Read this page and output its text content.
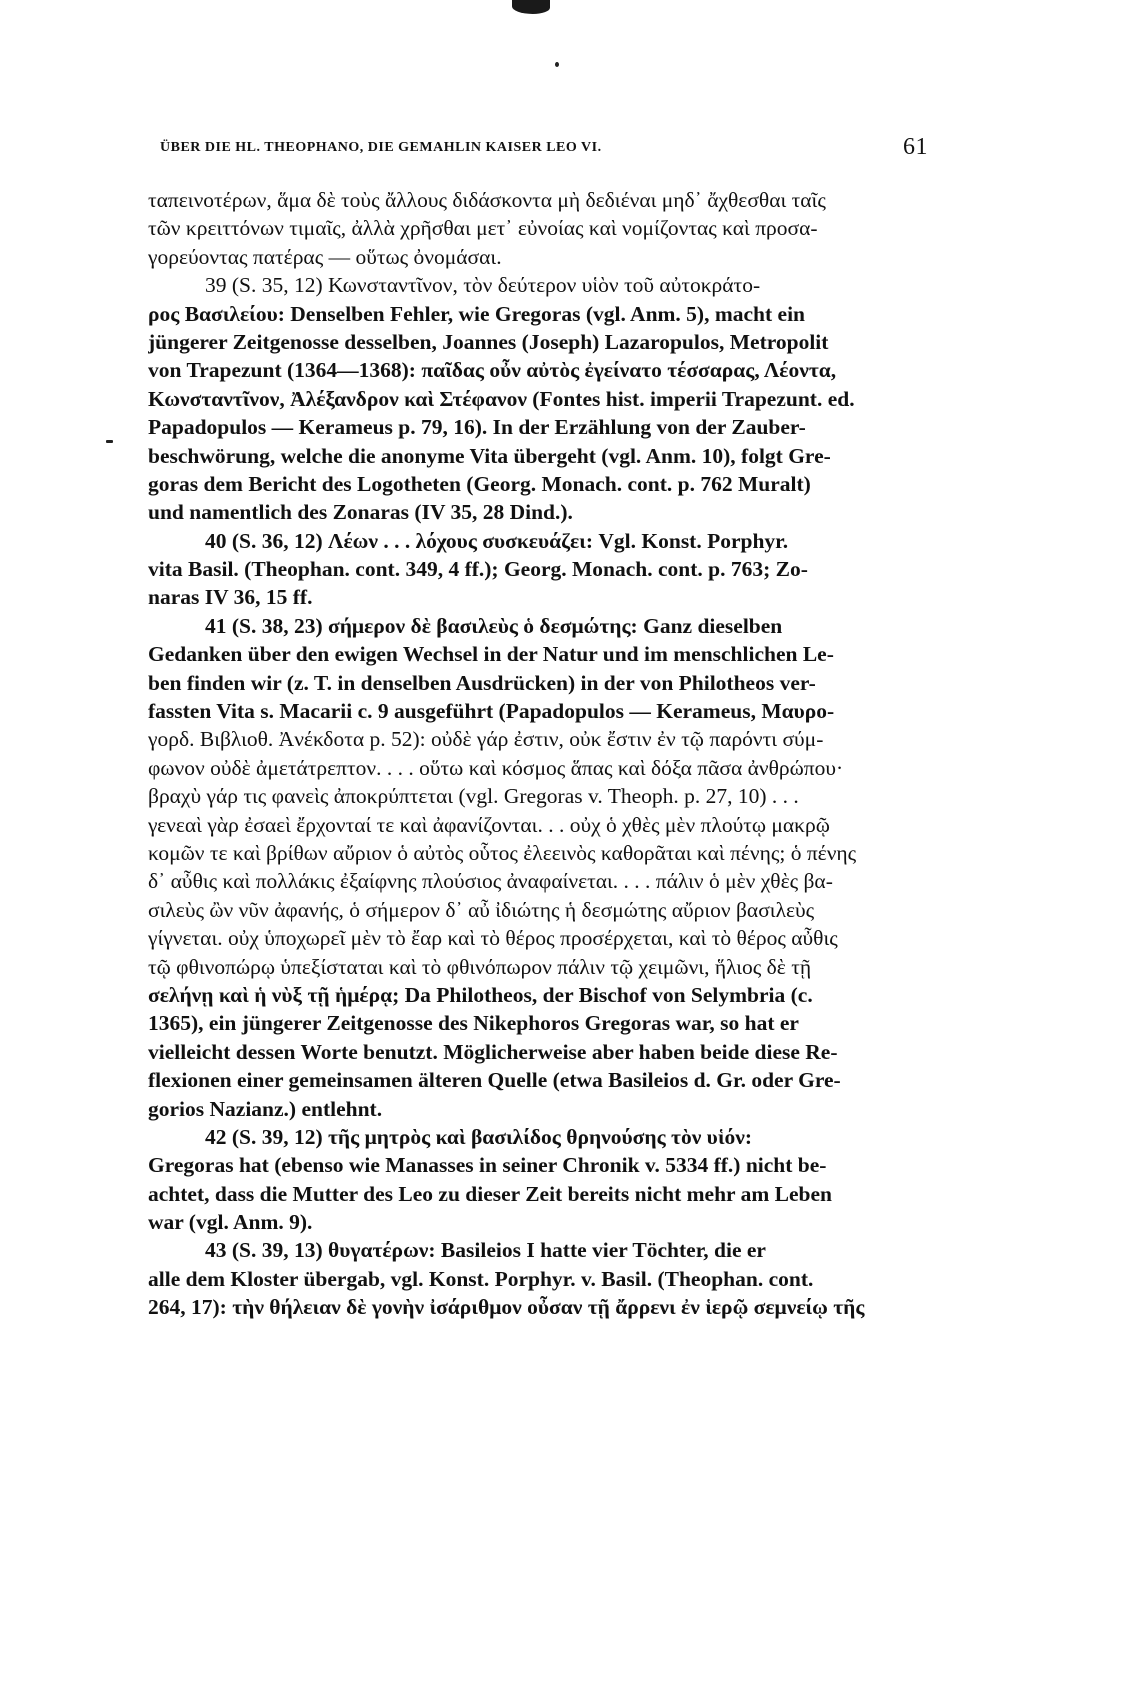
ÜBER DIE HL. THEOPHANO, DIE GEMAHLIN KAISER LEO VI.	61
ταπεινοτέρων, ἅμα δὲ τοὺς ἄλλους διδάσκοντα μὴ δεδιέναι μηδ᾿ ἄχθεσθαι ταῖς
τῶν κρειττόνων τιμαῖς, ἀλλὰ χρῆσθαι μετ᾿ εὐνοίας καὶ νομίζοντας καὶ προσα-
γορεύοντας πατέρας — οὕτως ὀνομάσαι.
39 (S. 35, 12) Κωνσταντῖνον, τὸν δεύτερον υἱὸν τοῦ αὐτοκράτο-
ρος Βασιλείου: Denselben Fehler, wie Gregoras (vgl. Anm. 5), macht ein
jüngerer Zeitgenosse desselben, Joannes (Joseph) Lazaropulos, Metropolit
von Trapezunt (1364—1368): παῖδας οὖν αὐτὸς ἐγείνατο τέσσαρας, Λέοντα,
Κωνσταντῖνον, Ἀλέξανδρον καὶ Στέφανον (Fontes hist. imperii Trapezunt. ed.
Papadopulos — Kerameus p. 79, 16). In der Erzählung von der Zauber-
beschwörung, welche die anonyme Vita übergeht (vgl. Anm. 10), folgt Gre-
goras dem Bericht des Logotheten (Georg. Monach. cont. p. 762 Muralt)
und namentlich des Zonaras (IV 35, 28 Dind.).
40 (S. 36, 12) Λέων . . . λόχους συσκευάζει: Vgl. Konst. Porphyr.
vita Basil. (Theophan. cont. 349, 4 ff.); Georg. Monach. cont. p. 763; Zo-
naras IV 36, 15 ff.
41 (S. 38, 23) σήμερον δὲ βασιλεὺς ὁ δεσμώτης: Ganz dieselben
Gedanken über den ewigen Wechsel in der Natur und im menschlichen Le-
ben finden wir (z. T. in denselben Ausdrücken) in der von Philotheos ver-
fassten Vita s. Macarii c. 9 ausgeführt (Papadopulos — Kerameus, Μαυρο-
γορδ. Βιβλιοθ. Ἀνέκδοτα p. 52): οὐδὲ γάρ ἐστιν, οὐκ ἔστιν ἐν τῷ παρόντι σύμ-
φωνον οὐδὲ ἀμετάτρεπτον. . . . οὕτω καὶ κόσμος ἅπας καὶ δόξα πᾶσα ἀνθρώπου·
βραχὺ γάρ τις φανεὶς ἀποκρύπτεται (vgl. Gregoras v. Theoph. p. 27, 10) . . .
γενεαὶ γὰρ ἐσαεὶ ἔρχονταί τε καὶ ἀφανίζονται. . . οὐχ ὁ χθὲς μὲν πλούτῳ μακρῷ
κομῶν τε καὶ βρίθων αὔριον ὁ αὐτὸς οὗτος ἐλεεινὸς καθορᾶται καὶ πένης; ὁ πένης
δ᾿ αὖθις καὶ πολλάκις ἐξαίφνης πλούσιος ἀναφαίνεται. . . . πάλιν ὁ μὲν χθὲς βα-
σιλεὺς ὢν νῦν ἀφανής, ὁ σήμερον δ᾿ αὖ ἰδιώτης ἡ δεσμώτης αὔριον βασιλεὺς
γίγνεται. οὐχ ὑποχωρεῖ μὲν τὸ ἔαρ καὶ τὸ θέρος προσέρχεται, καὶ τὸ θέρος αὖθις
τῷ φθινοπώρῳ ὑπεξίσταται καὶ τὸ φθινόπωρον πάλιν τῷ χειμῶνι, ἥλιος δὲ τῇ
σελήνῃ καὶ ἡ νὺξ τῇ ἡμέρᾳ; Da Philotheos, der Bischof von Selymbria (c.
1365), ein jüngerer Zeitgenosse des Nikephoros Gregoras war, so hat er
vielleicht dessen Worte benutzt. Möglicherweise aber haben beide diese Re-
flexionen einer gemeinsamen älteren Quelle (etwa Basileios d. Gr. oder Gre-
gorios Nazianz.) entlehnt.
42 (S. 39, 12) τῆς μητρὸς καὶ βασιλίδος θρηνούσης τὸν υἱόν:
Gregoras hat (ebenso wie Manasses in seiner Chronik v. 5334 ff.) nicht be-
achtet, dass die Mutter des Leo zu dieser Zeit bereits nicht mehr am Leben
war (vgl. Anm. 9).
43 (S. 39, 13) θυγατέρων: Basileios I hatte vier Töchter, die er
alle dem Kloster übergab, vgl. Konst. Porphyr. v. Basil. (Theophan. cont.
264, 17): τὴν θήλειαν δὲ γονὴν ἰσάριθμον οὖσαν τῇ ἄρρενι ἐν ἱερῷ σεμνείῳ τῆς
